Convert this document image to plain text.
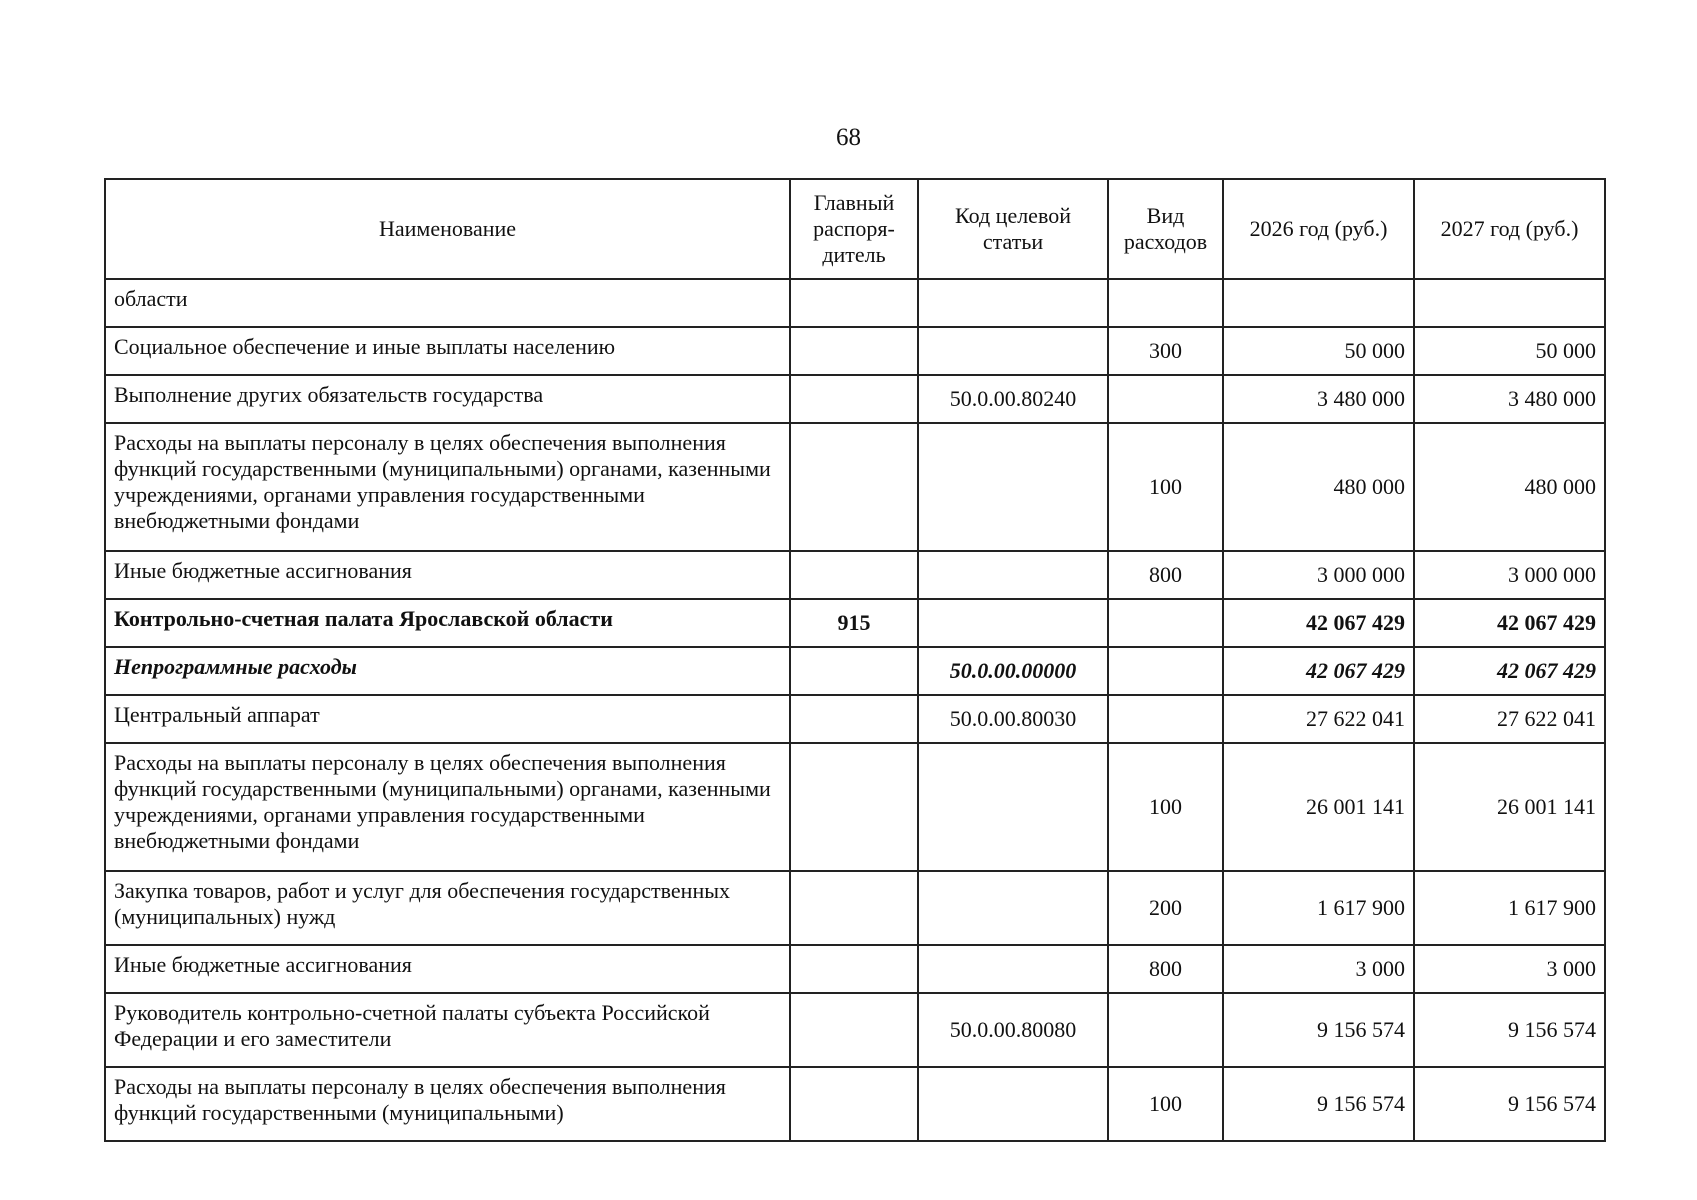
68
Наименование	Главный распоря-дитель	Код целевой статьи	Вид расходов	2026 год (руб.)	2027 год (руб.)
области					
Социальное обеспечение и иные выплаты населению			300	50 000	50 000
Выполнение других обязательств государства		50.0.00.80240		3 480 000	3 480 000
Расходы на выплаты персоналу в целях обеспечения выполнения функций государственными (муниципальными) органами, казенными учреждениями, органами управления государственными внебюджетными фондами			100	480 000	480 000
Иные бюджетные ассигнования			800	3 000 000	3 000 000
Контрольно-счетная палата Ярославской области	915			42 067 429	42 067 429
Непрограммные расходы		50.0.00.00000		42 067 429	42 067 429
Центральный аппарат		50.0.00.80030		27 622 041	27 622 041
Расходы на выплаты персоналу в целях обеспечения выполнения функций государственными (муниципальными) органами, казенными учреждениями, органами управления государственными внебюджетными фондами			100	26 001 141	26 001 141
Закупка товаров, работ и услуг для обеспечения государственных (муниципальных) нужд			200	1 617 900	1 617 900
Иные бюджетные ассигнования			800	3 000	3 000
Руководитель контрольно-счетной палаты субъекта Российской Федерации и его заместители		50.0.00.80080		9 156 574	9 156 574
Расходы на выплаты персоналу в целях обеспечения выполнения функций государственными (муниципальными)			100	9 156 574	9 156 574
